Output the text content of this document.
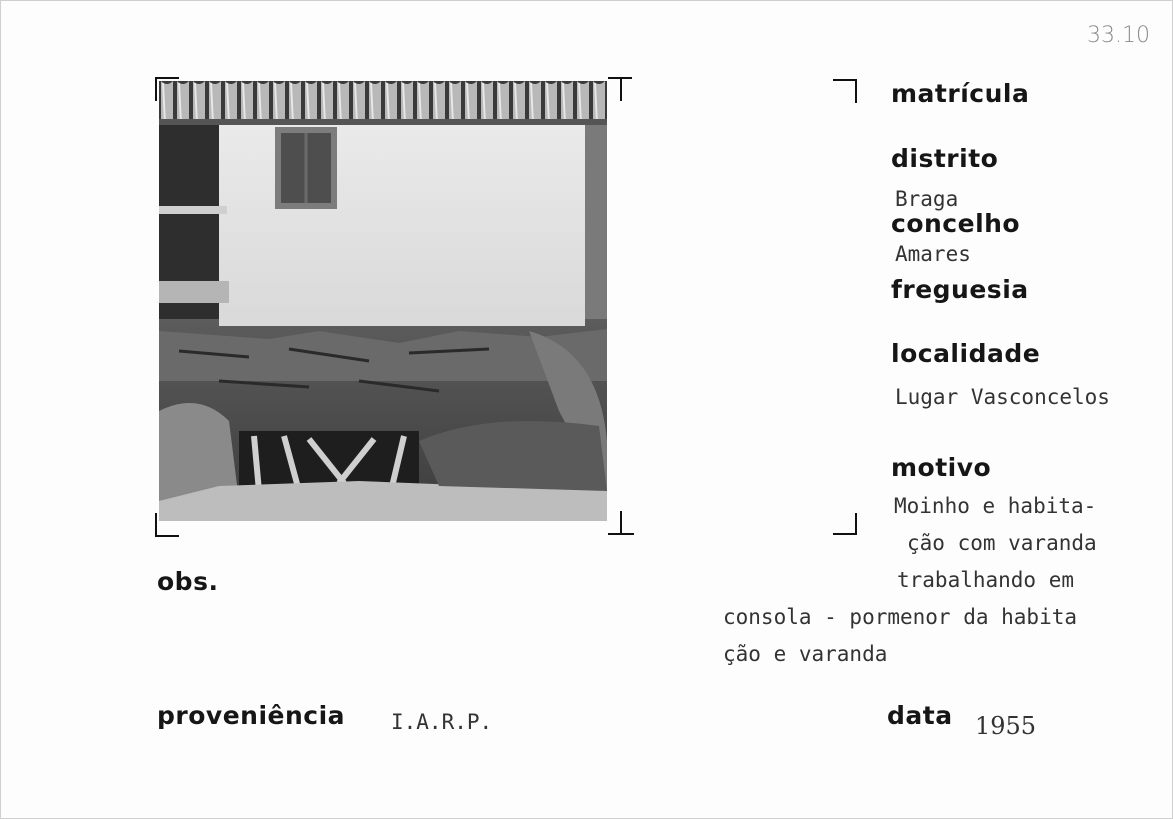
33.10
matrícula
distrito
Braga
concelho
Amares
freguesia
localidade
Lugar Vasconcelos
motivo
Moinho e habita-
ção com varanda
trabalhando em
consola - pormenor da habita
ção e varanda
obs.
proveniência I.A.R.P.	data 1955
